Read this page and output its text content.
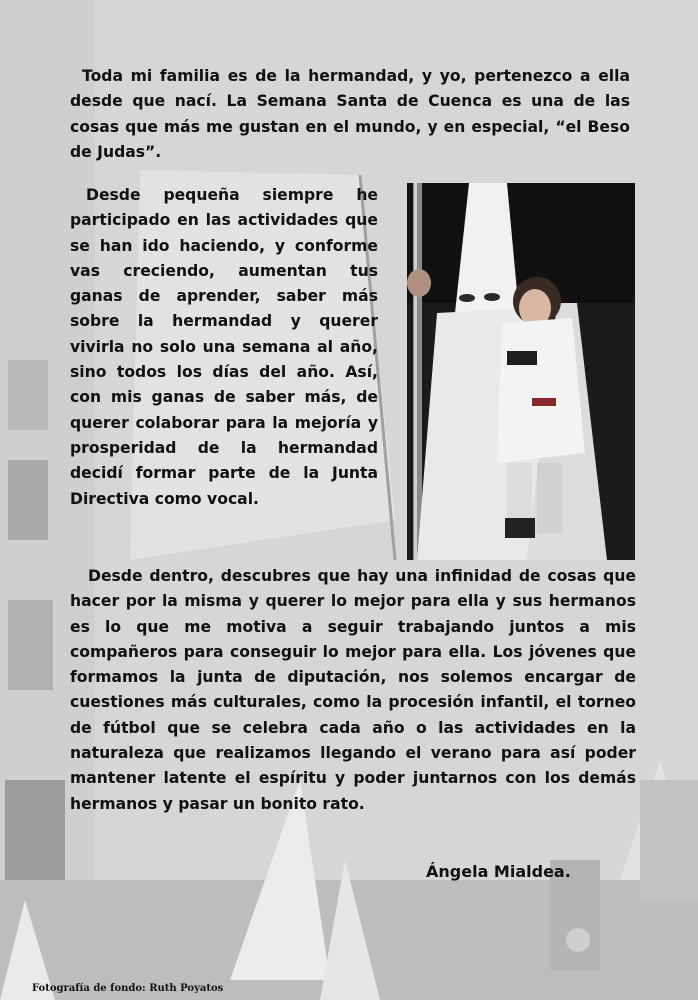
Toda mi familia es de la hermandad, y yo, pertenezco a ella desde que nací. La Semana Santa de Cuenca es una de las cosas que más me gustan en el mundo, y en especial, “el Beso de Judas”.

Desde pequeña siempre he participado en las actividades que se han ido haciendo, y conforme vas creciendo, aumentan tus ganas de aprender, saber más sobre la hermandad y querer vivirla no solo una semana al año, sino todos los días del año. Así, con mis ganas de saber más, de querer colaborar para la mejoría y prosperidad de la hermandad decidí formar parte de la Junta Directiva como vocal.

Desde dentro, descubres que hay una infinidad de cosas que hacer por la misma y querer lo mejor para ella y sus hermanos es lo que me motiva a seguir trabajando juntos a mis compañeros para conseguir lo mejor para ella. Los jóvenes que formamos la junta de diputación, nos solemos encargar de cuestiones más culturales, como la procesión infantil, el torneo de fútbol que se celebra cada año o las actividades en la naturaleza que realizamos llegando el verano para así poder mantener latente el espíritu y poder juntarnos con los demás hermanos y pasar un bonito rato.

Ángela Mialdea.

Fotografía de fondo: Ruth Poyatos
